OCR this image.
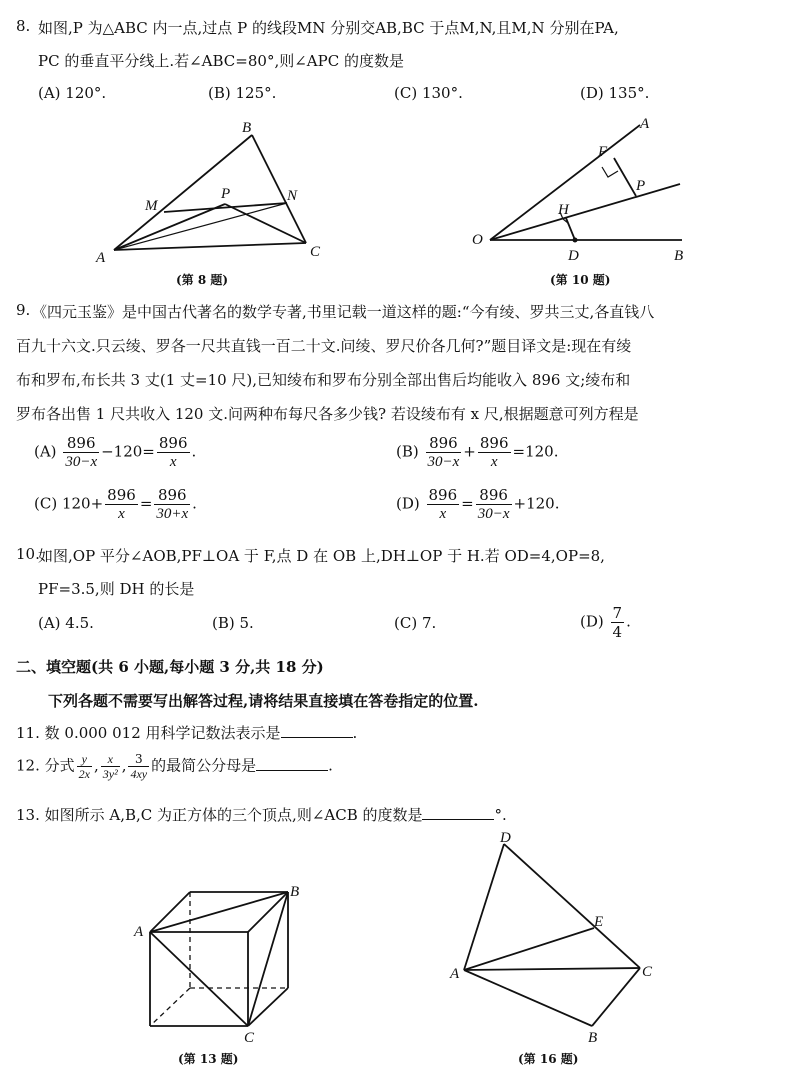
8. 如图,P 为△ABC 内一点,过点 P 的线段MN 分别交AB,BC 于点M,N,且M,N 分别在PA,
PC 的垂直平分线上.若∠ABC=80°,则∠APC 的度数是
(A) 120°.	(B) 125°.	(C) 130°.	(D) 135°.
B
M
P	N
A	C
(第 8 题)
A
F
P
H
O
D	B
(第 10 题)
9. 《四元玉鉴》是中国古代著名的数学专著,书里记载一道这样的题:“今有绫、罗共三丈,各直钱八
百九十六文.只云绫、罗各一尺共直钱一百二十文.问绫、罗尺价各几何?”题目译文是:现在有绫
布和罗布,布长共 3 丈(1 丈=10 尺),已知绫布和罗布分别全部出售后均能收入 896 文;绫布和
罗布各出售 1 尺共收入 120 文.问两种布每尺各多少钱? 若设绫布有 x 尺,根据题意可列方程是
$(A) \frac{896}{30-x} -120= \frac{896}{x}$ .	$(B) \frac{896}{30-x} + \frac{896}{x} =120$.
(C) $120+ \frac{896}{x} = \frac{896}{30+x}$ .	$(D) \frac{896}{x} = \frac{896}{30-x} +120$.
10.
如图,OP 平分∠AOB,PF⊥OA 于 F,点 D 在 OB 上,DH⊥OP 于 H.若 OD=4,OP=8,
PF=3.5,则 DH 的长是
(A) 4.5.	(B) 5.	(C) 7.	$(D) \frac{7}{4}$ .
二、填空题(共 6 小题,每小题 3 分,共 18 分)
下列各题不需要写出解答过程,请将结果直接填在答卷指定的位置.
11. 数 0.000 012 用科学记数法表示是	.
12. 分式 $\frac{y}{2x}$ , $\frac{x}{\text{3y²}}$ , $\frac{3}{4xy}$ 的最简公分母是	.
13. 如图所示 A,B,C 为正方体的三个顶点,则∠ACB 的度数是	°.
A
B
C
(第 13 题)
D
E
A	C
B
(第 16 题)
